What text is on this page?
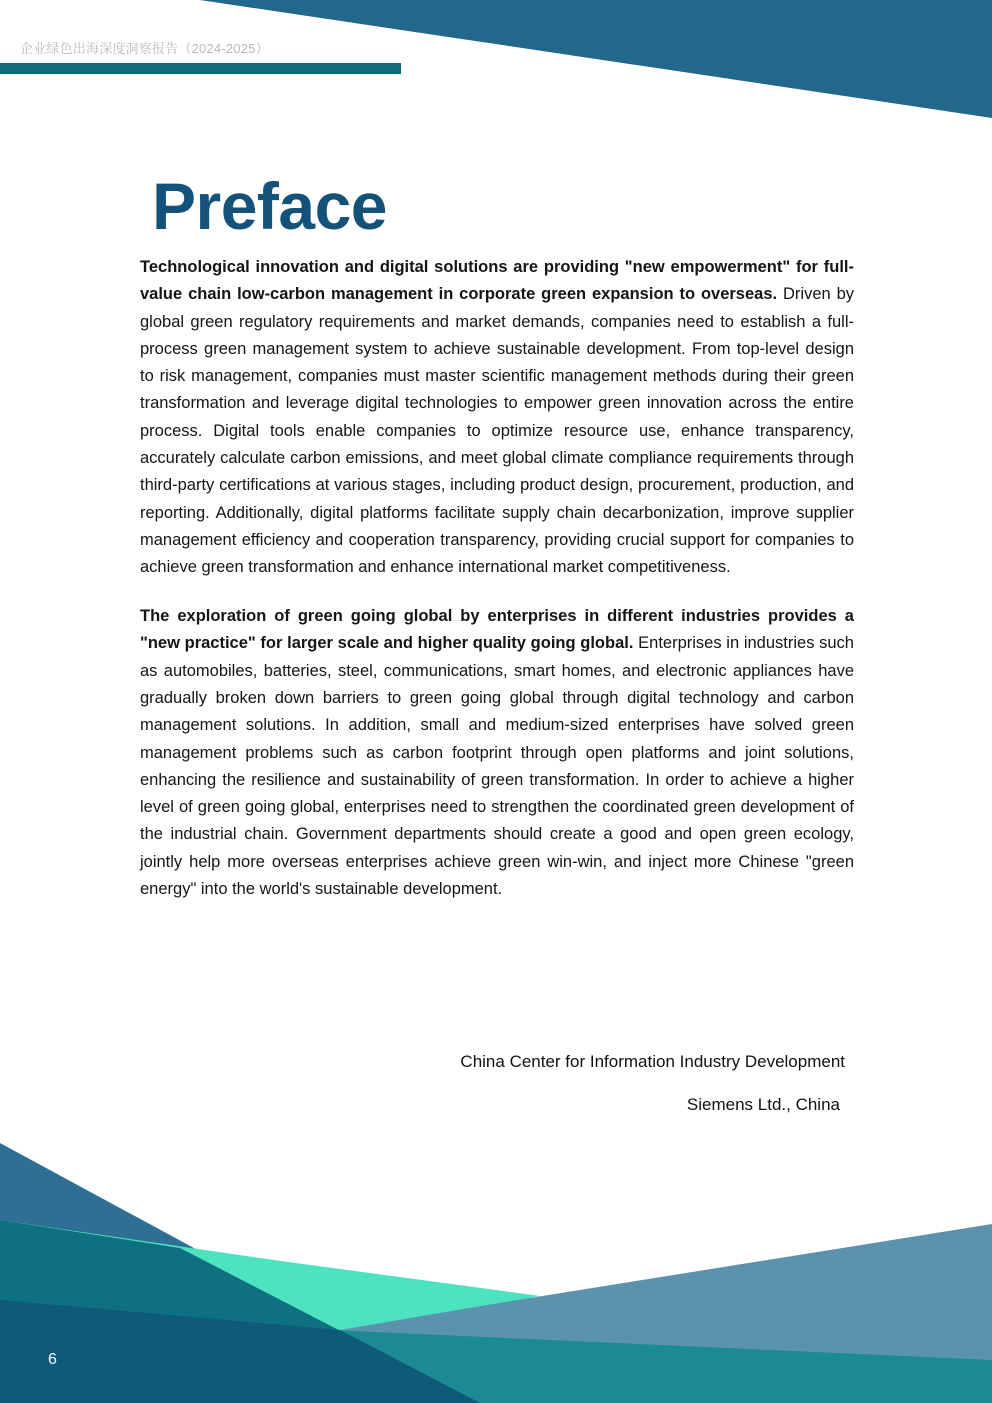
企业绿色出海深度洞察报告（2024-2025）
Preface

Technological innovation and digital solutions are providing "new empowerment" for full-value chain low-carbon management in corporate green expansion to overseas. Driven by global green regulatory requirements and market demands, companies need to establish a full-process green management system to achieve sustainable development. From top-level design to risk management, companies must master scientific management methods during their green transformation and leverage digital technologies to empower green innovation across the entire process. Digital tools enable companies to optimize resource use, enhance transparency, accurately calculate carbon emissions, and meet global climate compliance requirements through third-party certifications at various stages, including product design, procurement, production, and reporting. Additionally, digital platforms facilitate supply chain decarbonization, improve supplier management efficiency and cooperation transparency, providing crucial support for companies to achieve green transformation and enhance international market competitiveness.

The exploration of green going global by enterprises in different industries provides a "new practice" for larger scale and higher quality going global. Enterprises in industries such as automobiles, batteries, steel, communications, smart homes, and electronic appliances have gradually broken down barriers to green going global through digital technology and carbon management solutions. In addition, small and medium-sized enterprises have solved green management problems such as carbon footprint through open platforms and joint solutions, enhancing the resilience and sustainability of green transformation. In order to achieve a higher level of green going global, enterprises need to strengthen the coordinated green development of the industrial chain. Government departments should create a good and open green ecology, jointly help more overseas enterprises achieve green win-win, and inject more Chinese "green energy" into the world's sustainable development.

China Center for Information Industry Development
Siemens Ltd., China
6
